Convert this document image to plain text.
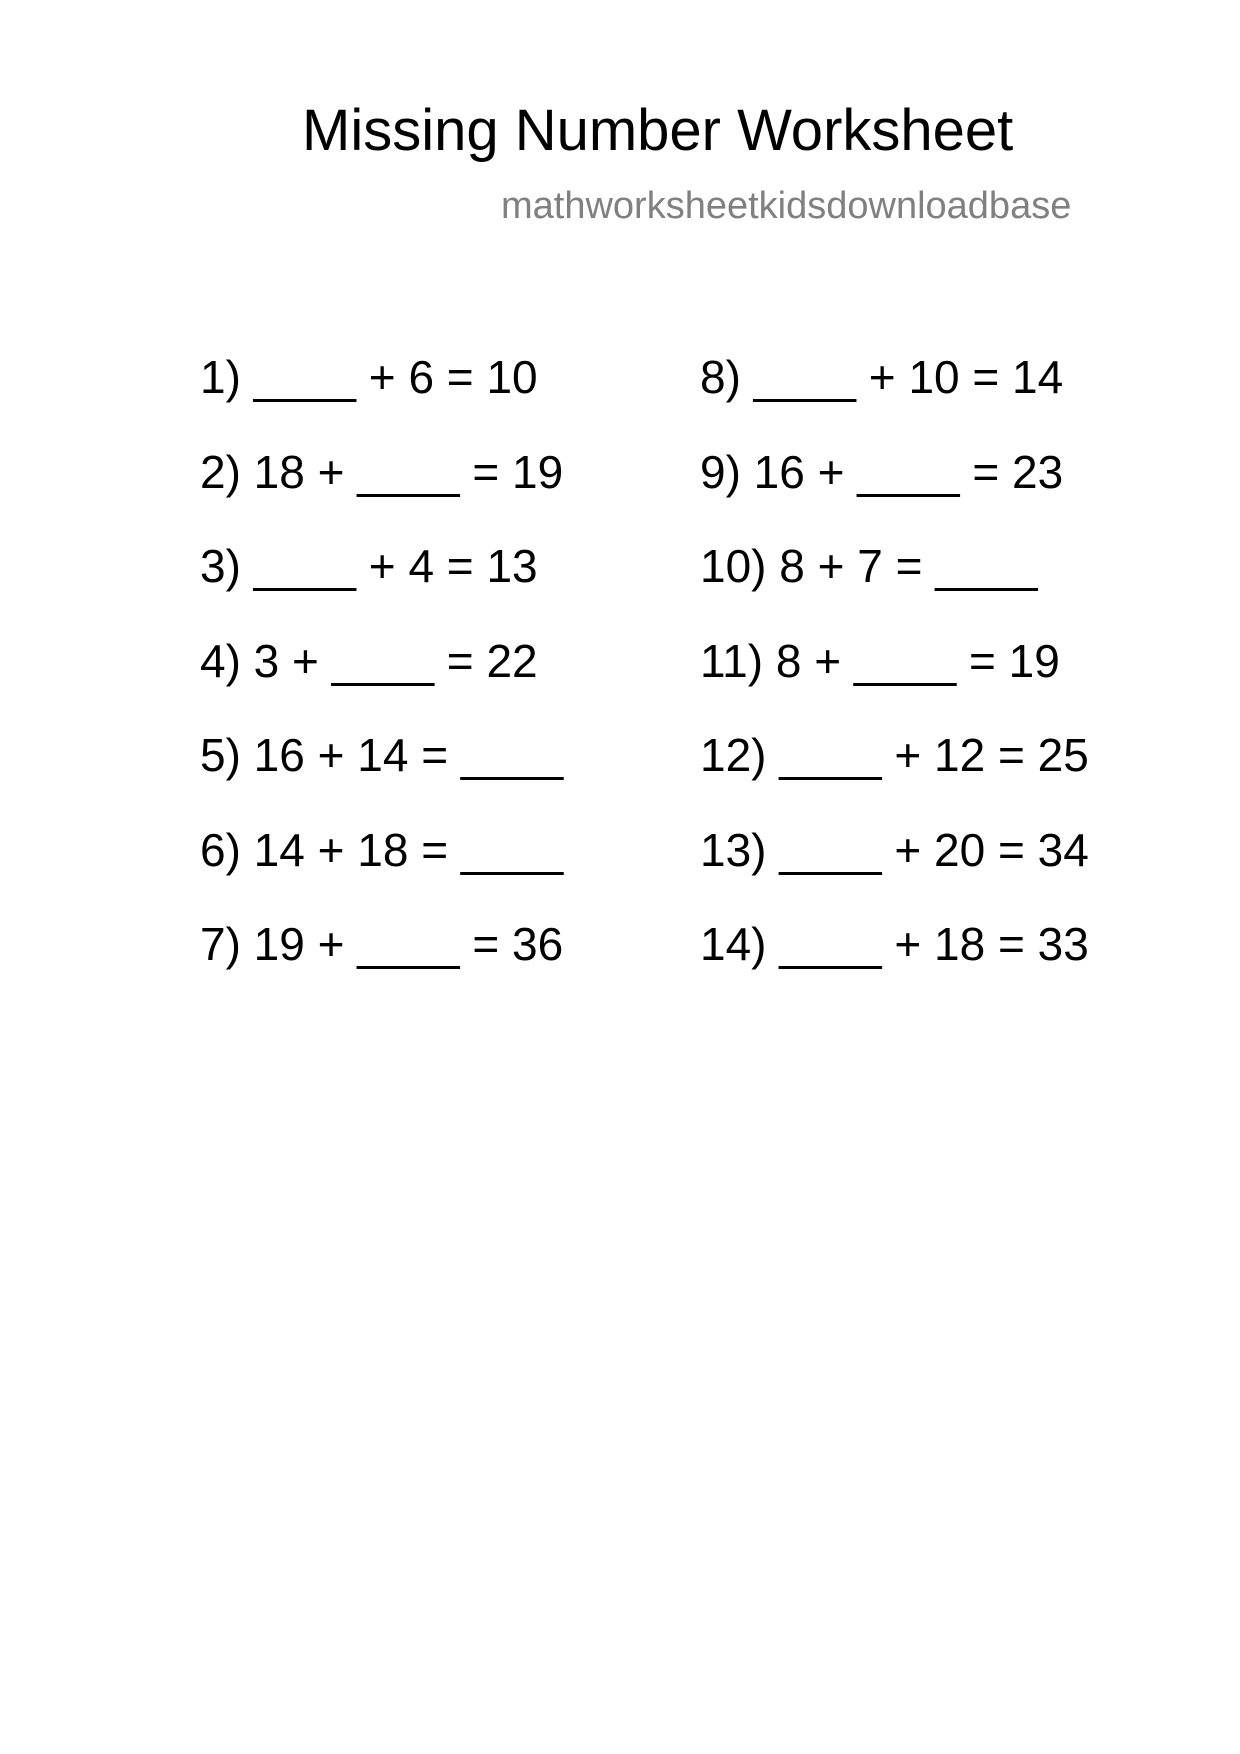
Missing Number Worksheet
mathworksheetkidsdownloadbase
1) ____ + 6 = 10
2) 18 + ____ = 19
3) ____ + 4 = 13
4) 3 + ____ = 22
5) 16 + 14 = ____
6) 14 + 18 = ____
7) 19 + ____ = 36
8) ____ + 10 = 14
9) 16 + ____ = 23
10) 8 + 7 = ____
11) 8 + ____ = 19
12) ____ + 12 = 25
13) ____ + 20 = 34
14) ____ + 18 = 33
